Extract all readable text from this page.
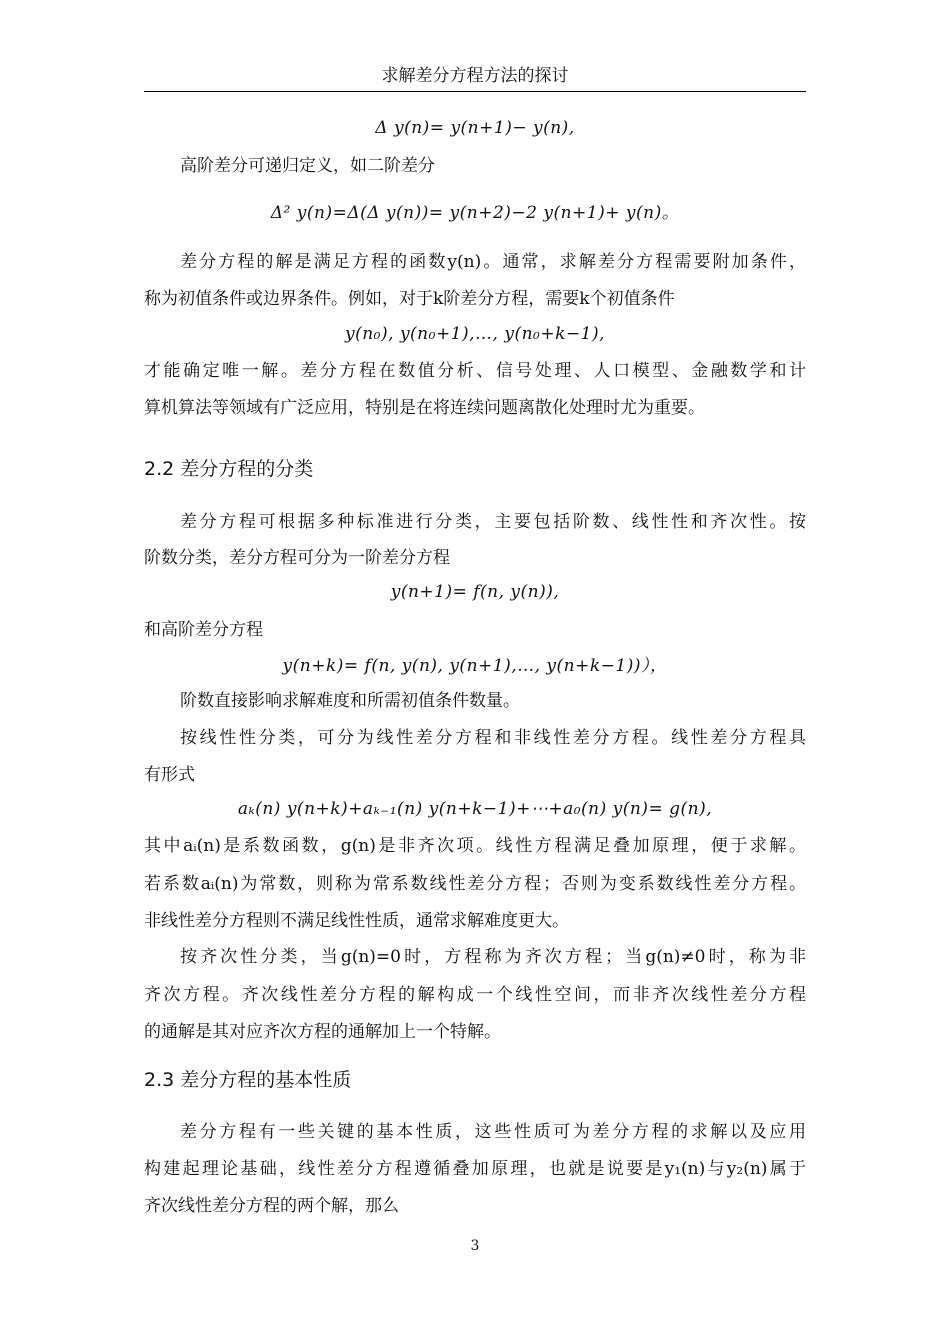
求解差分方程方法的探讨
Δ y(n)= y(n+1)− y(n),
高阶差分可递归定义，如二阶差分
Δ² y(n)=Δ(Δ y(n))= y(n+2)−2 y(n+1)+ y(n)。
差分方程的解是满足方程的函数y(n)。通常，求解差分方程需要附加条件，
称为初值条件或边界条件。例如，对于k阶差分方程，需要k个初值条件
y(n₀), y(n₀+1),…, y(n₀+k−1),
才能确定唯一解。差分方程在数值分析、信号处理、人口模型、金融数学和计
算机算法等领域有广泛应用，特别是在将连续问题离散化处理时尤为重要。
2.2 差分方程的分类
差分方程可根据多种标准进行分类，主要包括阶数、线性性和齐次性。按
阶数分类，差分方程可分为一阶差分方程
y(n+1)= f(n, y(n)),
和高阶差分方程
y(n+k)= f(n, y(n), y(n+1),…, y(n+k−1))），
阶数直接影响求解难度和所需初值条件数量。
按线性性分类，可分为线性差分方程和非线性差分方程。线性差分方程具
有形式
aₖ(n) y(n+k)+aₖ₋₁(n) y(n+k−1)+⋯+a₀(n) y(n)= g(n),
其中aᵢ(n)是系数函数，g(n)是非齐次项。线性方程满足叠加原理，便于求解。
若系数aᵢ(n)为常数，则称为常系数线性差分方程；否则为变系数线性差分方程。
非线性差分方程则不满足线性性质，通常求解难度更大。
按齐次性分类，当g(n)=0时，方程称为齐次方程；当g(n)≠0时，称为非
齐次方程。齐次线性差分方程的解构成一个线性空间，而非齐次线性差分方程
的通解是其对应齐次方程的通解加上一个特解。
2.3 差分方程的基本性质
差分方程有一些关键的基本性质，这些性质可为差分方程的求解以及应用
构建起理论基础，线性差分方程遵循叠加原理，也就是说要是y₁(n)与y₂(n)属于
齐次线性差分方程的两个解，那么
3
